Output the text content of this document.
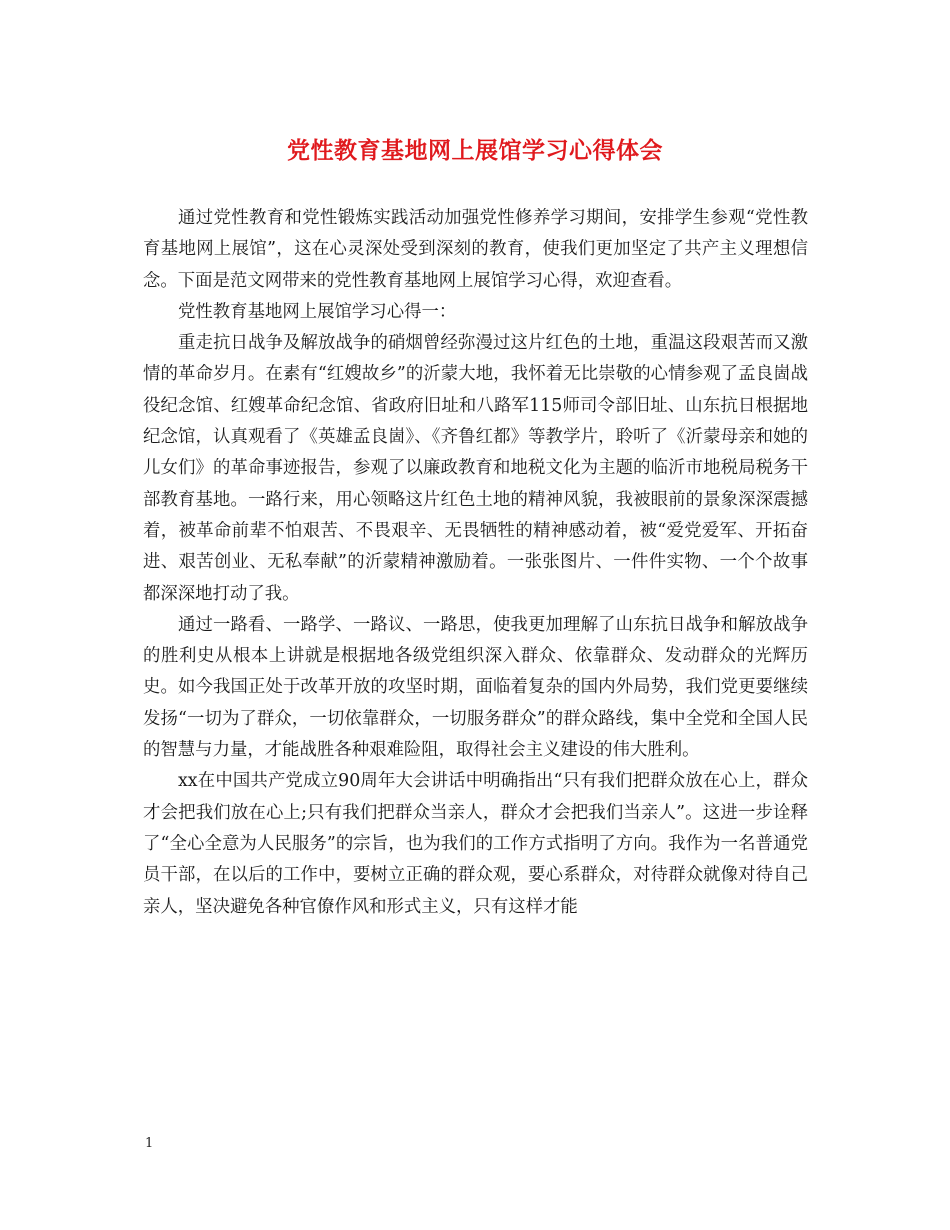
党性教育基地网上展馆学习心得体会

通过党性教育和党性锻炼实践活动加强党性修养学习期间，安排学生参观“党性教育基地网上展馆”，这在心灵深处受到深刻的教育，使我们更加坚定了共产主义理想信念。下面是范文网带来的党性教育基地网上展馆学习心得，欢迎查看。

党性教育基地网上展馆学习心得一：

重走抗日战争及解放战争的硝烟曾经弥漫过这片红色的土地，重温这段艰苦而又激情的革命岁月。在素有“红嫂故乡”的沂蒙大地，我怀着无比崇敬的心情参观了孟良崮战役纪念馆、红嫂革命纪念馆、省政府旧址和八路军115师司令部旧址、山东抗日根据地纪念馆，认真观看了《英雄孟良崮》、《齐鲁红都》等教学片，聆听了《沂蒙母亲和她的儿女们》的革命事迹报告，参观了以廉政教育和地税文化为主题的临沂市地税局税务干部教育基地。一路行来，用心领略这片红色土地的精神风貌，我被眼前的景象深深震撼着，被革命前辈不怕艰苦、不畏艰辛、无畏牺牲的精神感动着，被“爱党爱军、开拓奋进、艰苦创业、无私奉献”的沂蒙精神激励着。一张张图片、一件件实物、一个个故事都深深地打动了我。

通过一路看、一路学、一路议、一路思，使我更加理解了山东抗日战争和解放战争的胜利史从根本上讲就是根据地各级党组织深入群众、依靠群众、发动群众的光辉历史。如今我国正处于改革开放的攻坚时期，面临着复杂的国内外局势，我们党更要继续发扬“一切为了群众，一切依靠群众，一切服务群众”的群众路线，集中全党和全国人民的智慧与力量，才能战胜各种艰难险阻，取得社会主义建设的伟大胜利。

xx在中国共产党成立90周年大会讲话中明确指出“只有我们把群众放在心上，群众才会把我们放在心上;只有我们把群众当亲人，群众才会把我们当亲人”。这进一步诠释了“全心全意为人民服务”的宗旨，也为我们的工作方式指明了方向。我作为一名普通党员干部，在以后的工作中，要树立正确的群众观，要心系群众，对待群众就像对待自己亲人，坚决避免各种官僚作风和形式主义，只有这样才能

1
